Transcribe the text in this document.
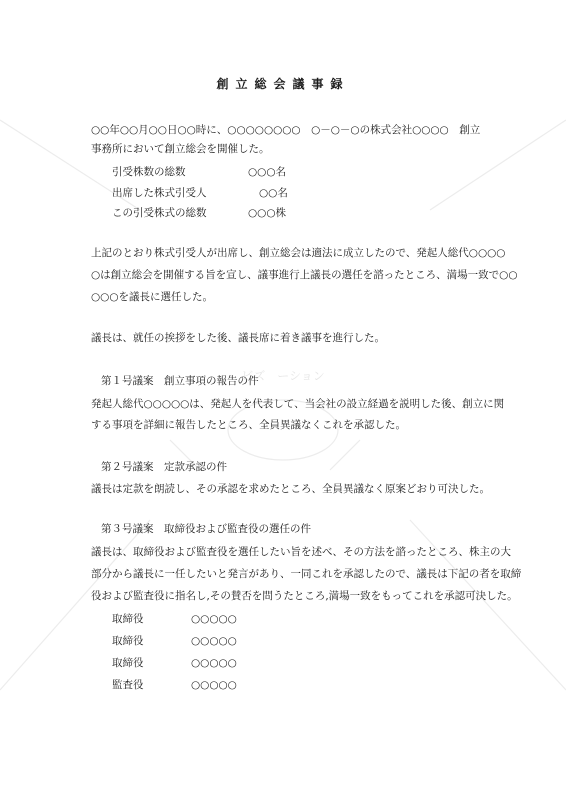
ビズ　ーション
創立総会議事録
○○年○○月○○日○○時に、○○○○○○○○　○－○－○の株式会社○○○○　創立
事務所において創立総会を開催した。
引受株数の総数	○○○名
出席した株式引受人	○○名
この引受株式の総数	○○○株
上記のとおり株式引受人が出席し、創立総会は適法に成立したので、発起人総代○○○○
○は創立総会を開催する旨を宣し、議事進行上議長の選任を諮ったところ、満場一致で○○
○○○を議長に選任した。
議長は、就任の挨拶をした後、議長席に着き議事を進行した。
第１号議案　創立事項の報告の件
発起人総代○○○○○は、発起人を代表して、当会社の設立経過を説明した後、創立に関
する事項を詳細に報告したところ、全員異議なくこれを承認した。
第２号議案　定款承認の件
議長は定款を朗読し、その承認を求めたところ、全員異議なく原案どおり可決した。
第３号議案　取締役および監査役の選任の件
議長は、取締役および監査役を選任したい旨を述べ、その方法を諮ったところ、株主の大
部分から議長に一任したいと発言があり、一同これを承認したので、議長は下記の者を取締
役および監査役に指名し,その賛否を問うたところ,満場一致をもってこれを承認可決した。
取締役	○○○○○
取締役	○○○○○
取締役	○○○○○
監査役	○○○○○
